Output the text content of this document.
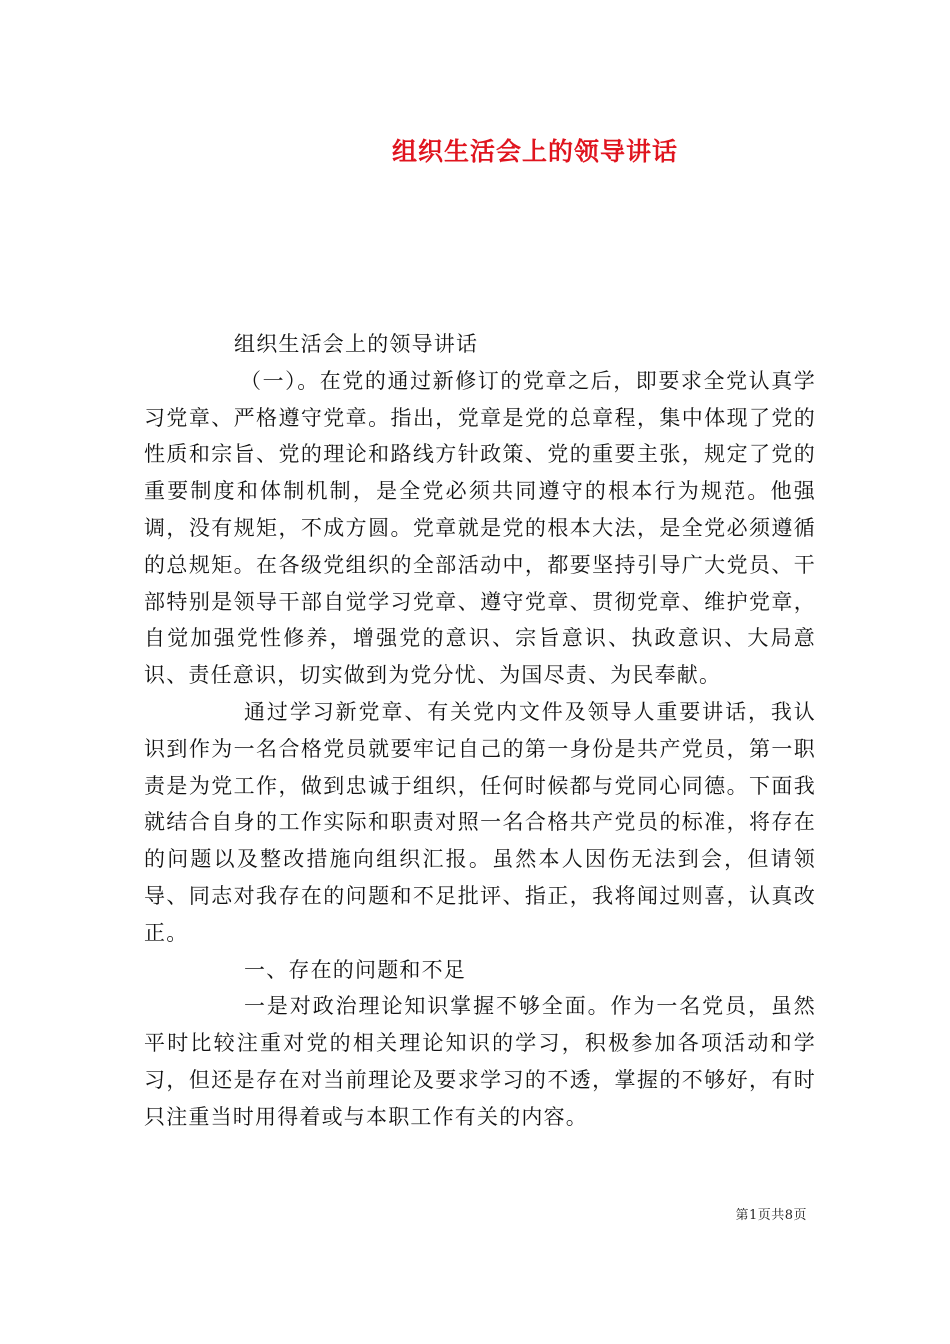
组织生活会上的领导讲话

组织生活会上的领导讲话

（一）。在党的通过新修订的党章之后，即要求全党认真学习党章、严格遵守党章。指出，党章是党的总章程，集中体现了党的性质和宗旨、党的理论和路线方针政策、党的重要主张，规定了党的重要制度和体制机制，是全党必须共同遵守的根本行为规范。他强调，没有规矩，不成方圆。党章就是党的根本大法，是全党必须遵循的总规矩。在各级党组织的全部活动中，都要坚持引导广大党员、干部特别是领导干部自觉学习党章、遵守党章、贯彻党章、维护党章，自觉加强党性修养，增强党的意识、宗旨意识、执政意识、大局意识、责任意识，切实做到为党分忧、为国尽责、为民奉献。

通过学习新党章、有关党内文件及领导人重要讲话，我认识到作为一名合格党员就要牢记自己的第一身份是共产党员，第一职责是为党工作，做到忠诚于组织，任何时候都与党同心同德。下面我就结合自身的工作实际和职责对照一名合格共产党员的标准，将存在的问题以及整改措施向组织汇报。虽然本人因伤无法到会，但请领导、同志对我存在的问题和不足批评、指正，我将闻过则喜，认真改正。

一、存在的问题和不足

一是对政治理论知识掌握不够全面。作为一名党员，虽然平时比较注重对党的相关理论知识的学习，积极参加各项活动和学习，但还是存在对当前理论及要求学习的不透，掌握的不够好，有时只注重当时用得着或与本职工作有关的内容。

第1页共8页
